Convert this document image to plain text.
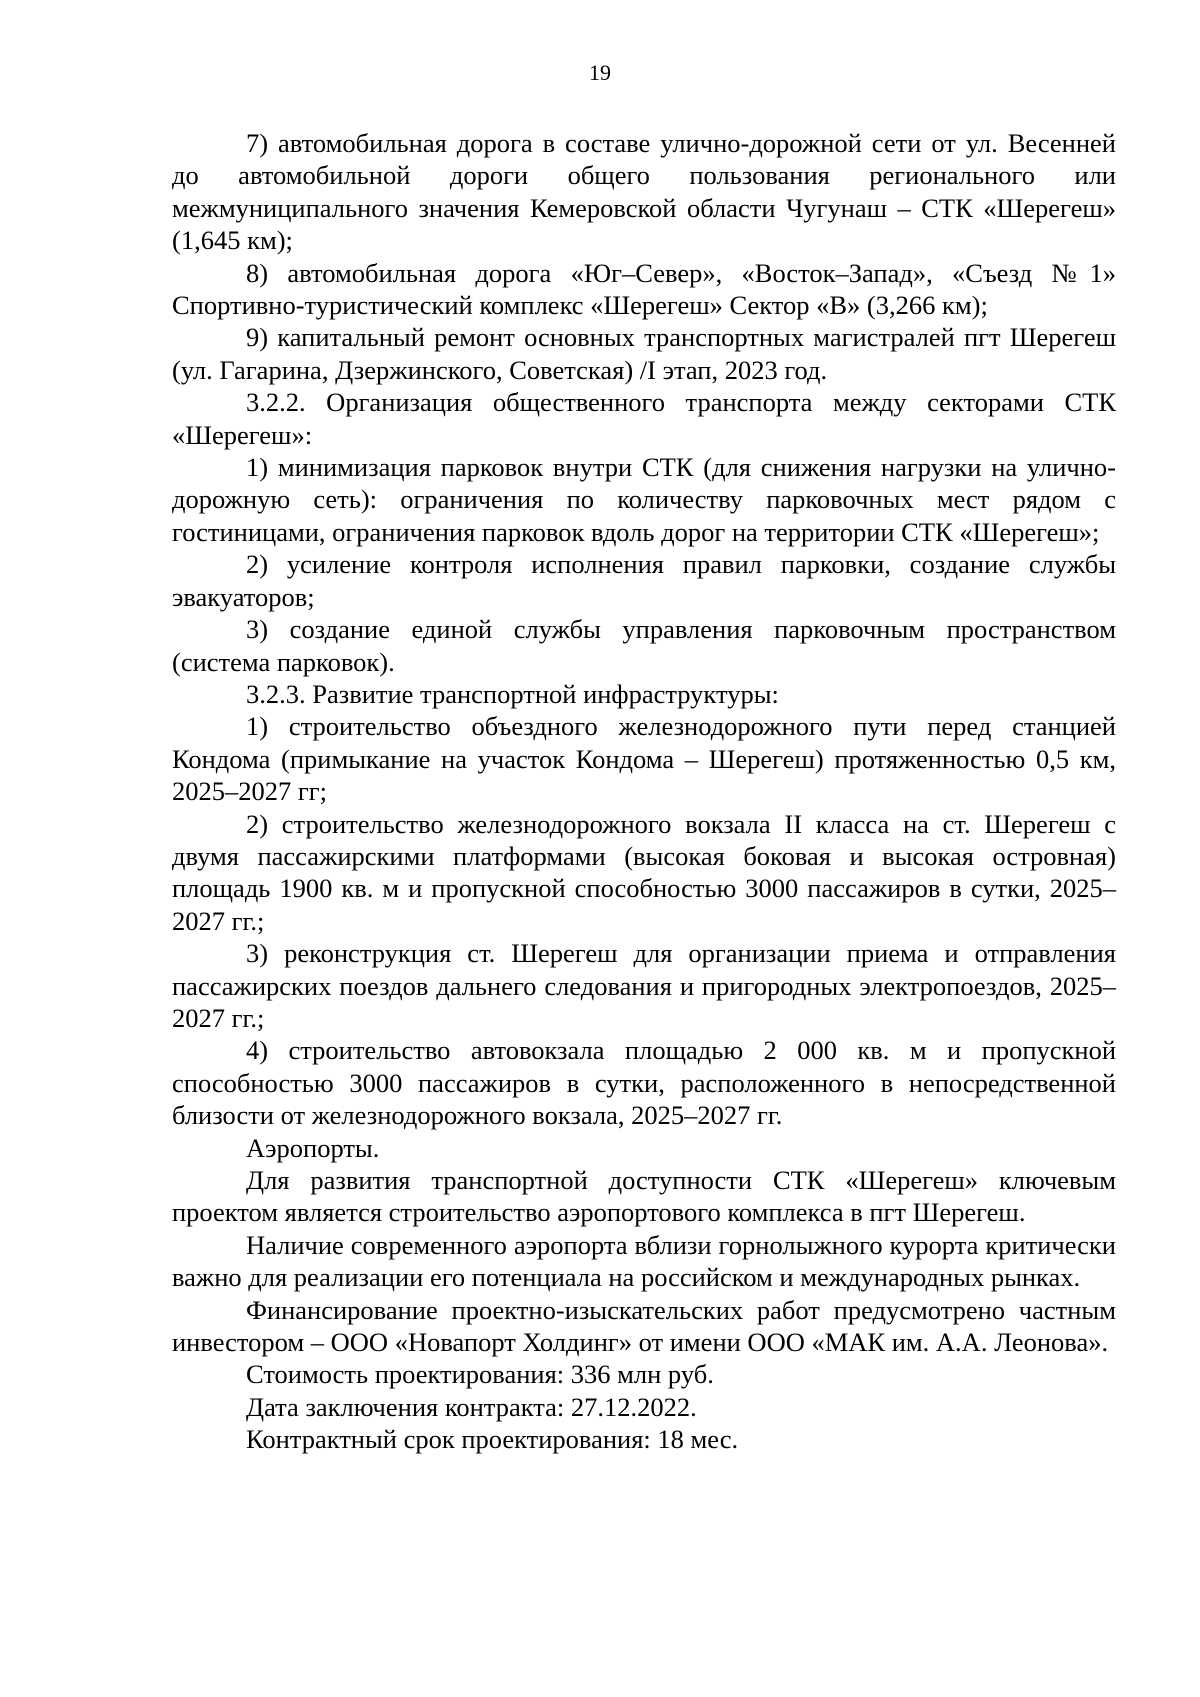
19

7) автомобильная дорога в составе улично-дорожной сети от ул. Весенней до автомобильной дороги общего пользования регионального или межмуниципального значения Кемеровской области Чугунаш – СТК «Шерегеш» (1,645 км);

8) автомобильная дорога «Юг–Север», «Восток–Запад», «Съезд №1» Спортивно-туристический комплекс «Шерегеш» Сектор «В» (3,266 км);

9) капитальный ремонт основных транспортных магистралей пгт Шерегеш (ул. Гагарина, Дзержинского, Советская) /I этап, 2023 год.

3.2.2. Организация общественного транспорта между секторами СТК «Шерегеш»:

1) минимизация парковок внутри СТК (для снижения нагрузки на улично-дорожную сеть): ограничения по количеству парковочных мест рядом с гостиницами, ограничения парковок вдоль дорог на территории СТК «Шерегеш»;

2) усиление контроля исполнения правил парковки, создание службы эвакуаторов;

3) создание единой службы управления парковочным пространством (система парковок).

3.2.3. Развитие транспортной инфраструктуры:

1) строительство объездного железнодорожного пути перед станцией Кондома (примыкание на участок Кондома – Шерегеш) протяженностью 0,5 км, 2025–2027 гг;

2) строительство железнодорожного вокзала II класса на ст. Шерегеш с двумя пассажирскими платформами (высокая боковая и высокая островная) площадь 1900 кв. м и пропускной способностью 3000 пассажиров в сутки, 2025–2027 гг.;

3) реконструкция ст. Шерегеш для организации приема и отправления пассажирских поездов дальнего следования и пригородных электропоездов, 2025–2027 гг.;

4) строительство автовокзала площадью 2 000 кв. м и пропускной способностью 3000 пассажиров в сутки, расположенного в непосредственной близости от железнодорожного вокзала, 2025–2027 гг.

Аэропорты.

Для развития транспортной доступности СТК «Шерегеш» ключевым проектом является строительство аэропортового комплекса в пгт Шерегеш.

Наличие современного аэропорта вблизи горнолыжного курорта критически важно для реализации его потенциала на российском и международных рынках.

Финансирование проектно-изыскательских работ предусмотрено частным инвестором – ООО «Новапорт Холдинг» от имени ООО «МАК им. А.А. Леонова».

Стоимость проектирования: 336 млн руб.

Дата заключения контракта: 27.12.2022.

Контрактный срок проектирования: 18 мес.
